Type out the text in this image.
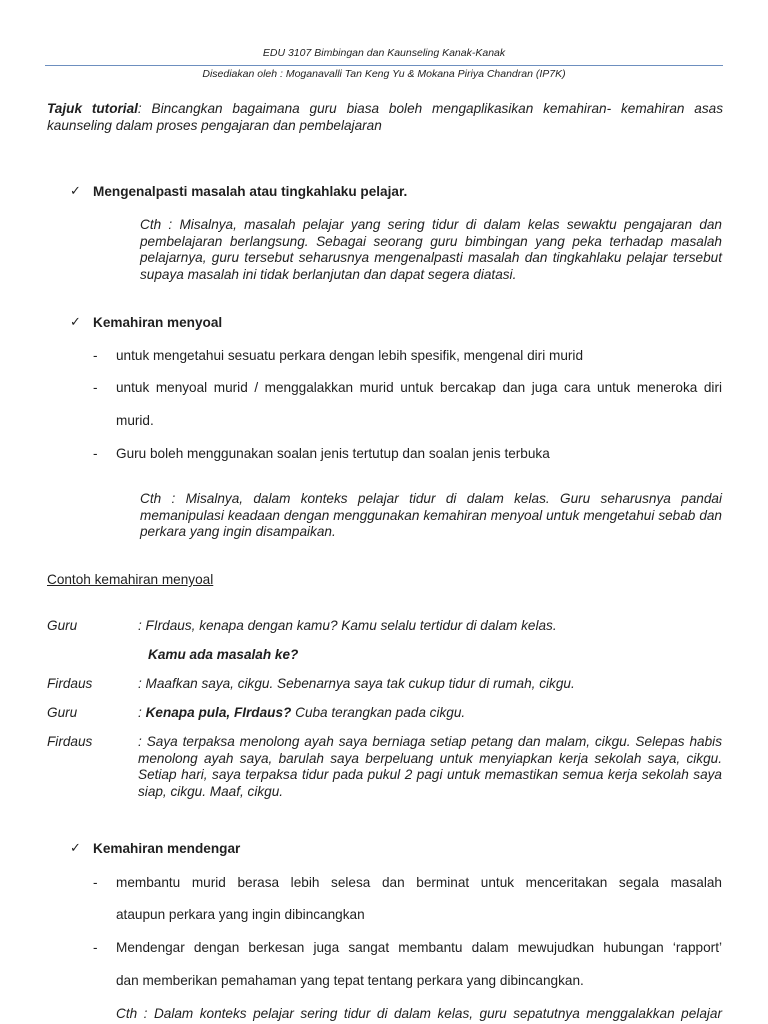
EDU 3107 Bimbingan dan Kaunseling Kanak-Kanak
Disediakan oleh : Moganavalli Tan Keng Yu & Mokana Piriya Chandran (IP7K)
Tajuk tutorial: Bincangkan bagaimana guru biasa boleh mengaplikasikan kemahiran- kemahiran asas kaunseling dalam proses pengajaran dan pembelajaran
✓ Mengenalpasti masalah atau tingkahlaku pelajar.
Cth : Misalnya, masalah pelajar yang sering tidur di dalam kelas sewaktu pengajaran dan pembelajaran berlangsung. Sebagai seorang guru bimbingan yang peka terhadap masalah pelajarnya, guru tersebut seharusnya mengenalpasti masalah dan tingkahlaku pelajar tersebut supaya masalah ini tidak berlanjutan dan dapat segera diatasi.
✓ Kemahiran menyoal
- untuk mengetahui sesuatu perkara dengan lebih spesifik, mengenal diri murid
- untuk menyoal murid / menggalakkan murid untuk bercakap dan juga cara untuk meneroka diri
murid.
- Guru boleh menggunakan soalan jenis tertutup dan soalan jenis terbuka
Cth : Misalnya, dalam konteks pelajar tidur di dalam kelas. Guru seharusnya pandai memanipulasi keadaan dengan menggunakan kemahiran menyoal untuk mengetahui sebab dan perkara yang ingin disampaikan.
Contoh kemahiran menyoal
Guru	: FIrdaus, kenapa dengan kamu? Kamu selalu tertidur di dalam kelas.
Kamu ada masalah ke?
Firdaus	: Maafkan saya, cikgu. Sebenarnya saya tak cukup tidur di rumah, cikgu.
Guru	: Kenapa pula, FIrdaus? Cuba terangkan pada cikgu.
Firdaus	: Saya terpaksa menolong ayah saya berniaga setiap petang dan malam, cikgu. Selepas habis menolong ayah saya, barulah saya berpeluang untuk menyiapkan kerja sekolah saya, cikgu. Setiap hari, saya terpaksa tidur pada pukul 2 pagi untuk memastikan semua kerja sekolah saya siap, cikgu. Maaf, cikgu.
✓ Kemahiran mendengar
- membantu murid berasa lebih selesa dan berminat untuk menceritakan segala masalah
ataupun perkara yang ingin dibincangkan
- Mendengar dengan berkesan juga sangat membantu dalam mewujudkan hubungan ‘rapport’
dan memberikan pemahaman yang tepat tentang perkara yang dibincangkan.
Cth : Dalam konteks pelajar sering tidur di dalam kelas, guru sepatutnya menggalakkan pelajar
